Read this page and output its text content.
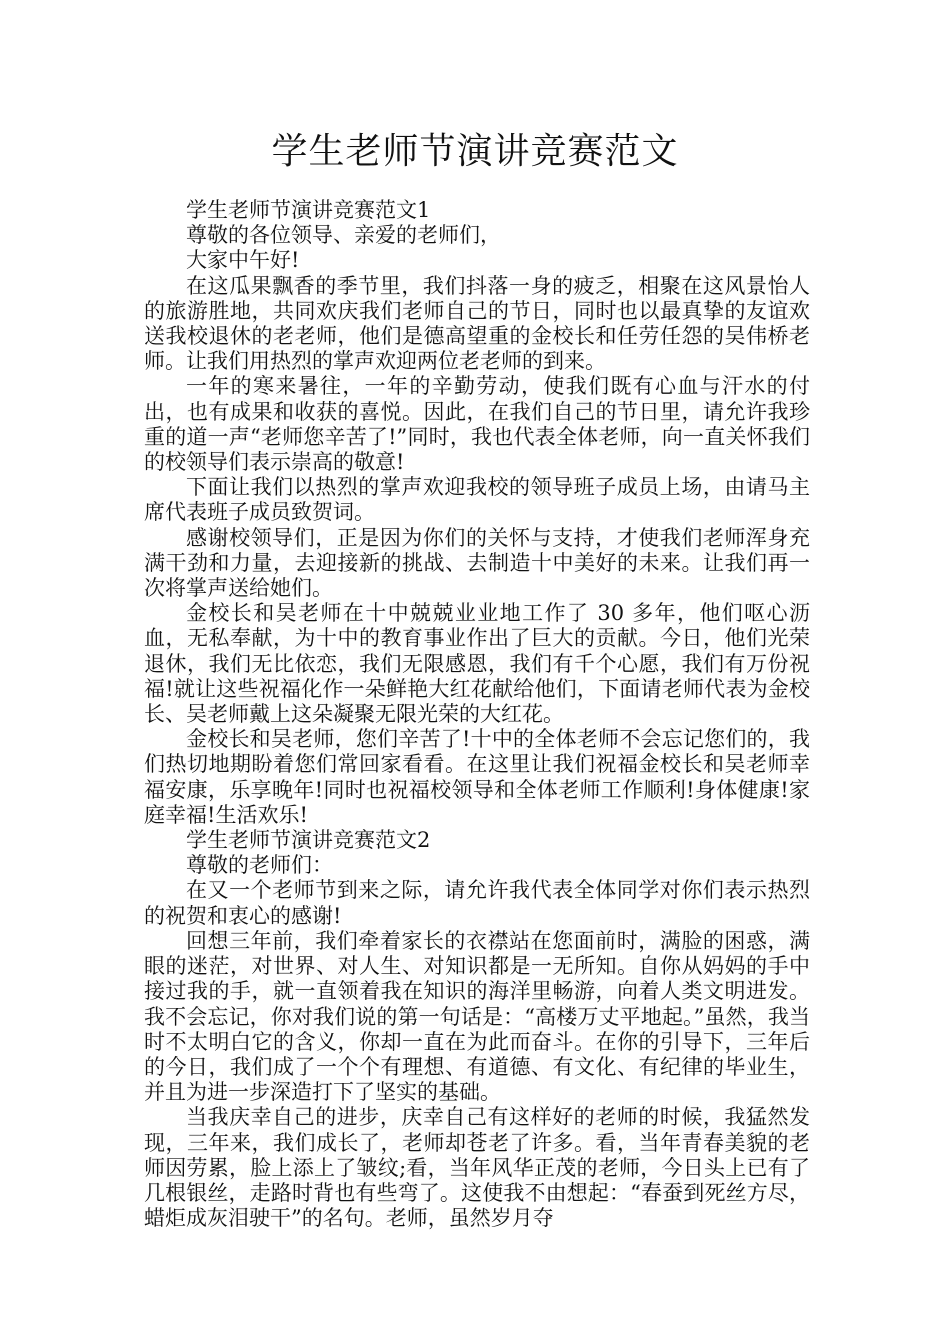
学生老师节演讲竞赛范文

学生老师节演讲竞赛范文1

尊敬的各位领导、亲爱的老师们，

大家中午好!

在这瓜果飘香的季节里，我们抖落一身的疲乏，相聚在这风景怡人的旅游胜地，共同欢庆我们老师自己的节日，同时也以最真挚的友谊欢送我校退休的老老师，他们是德高望重的金校长和任劳任怨的吴伟桥老师。让我们用热烈的掌声欢迎两位老老师的到来。

一年的寒来暑往，一年的辛勤劳动，使我们既有心血与汗水的付出，也有成果和收获的喜悦。因此，在我们自己的节日里，请允许我珍重的道一声“老师您辛苦了!”同时，我也代表全体老师，向一直关怀我们的校领导们表示崇高的敬意!

下面让我们以热烈的掌声欢迎我校的领导班子成员上场，由请马主席代表班子成员致贺词。

感谢校领导们，正是因为你们的关怀与支持，才使我们老师浑身充满干劲和力量，去迎接新的挑战、去制造十中美好的未来。让我们再一次将掌声送给她们。

金校长和吴老师在十中兢兢业业地工作了 30 多年，他们呕心沥血，无私奉献，为十中的教育事业作出了巨大的贡献。今日，他们光荣退休，我们无比依恋，我们无限感恩，我们有千个心愿，我们有万份祝福!就让这些祝福化作一朵鲜艳大红花献给他们，下面请老师代表为金校长、吴老师戴上这朵凝聚无限光荣的大红花。

金校长和吴老师，您们辛苦了!十中的全体老师不会忘记您们的，我们热切地期盼着您们常回家看看。在这里让我们祝福金校长和吴老师幸福安康，乐享晚年!同时也祝福校领导和全体老师工作顺利!身体健康!家庭幸福!生活欢乐!

学生老师节演讲竞赛范文2

尊敬的老师们：

在又一个老师节到来之际，请允许我代表全体同学对你们表示热烈的祝贺和衷心的感谢!

回想三年前，我们牵着家长的衣襟站在您面前时，满脸的困惑，满眼的迷茫，对世界、对人生、对知识都是一无所知。自你从妈妈的手中接过我的手，就一直领着我在知识的海洋里畅游，向着人类文明进发。我不会忘记，你对我们说的第一句话是：“高楼万丈平地起。”虽然，我当时不太明白它的含义，你却一直在为此而奋斗。在你的引导下，三年后的今日，我们成了一个个有理想、有道德、有文化、有纪律的毕业生，并且为进一步深造打下了坚实的基础。

当我庆幸自己的进步，庆幸自己有这样好的老师的时候，我猛然发现，三年来，我们成长了，老师却苍老了许多。看，当年青春美貌的老师因劳累，脸上添上了皱纹;看，当年风华正茂的老师，今日头上已有了几根银丝，走路时背也有些弯了。这使我不由想起：“春蚕到死丝方尽，蜡炬成灰泪驶干”的名句。老师，虽然岁月夺
